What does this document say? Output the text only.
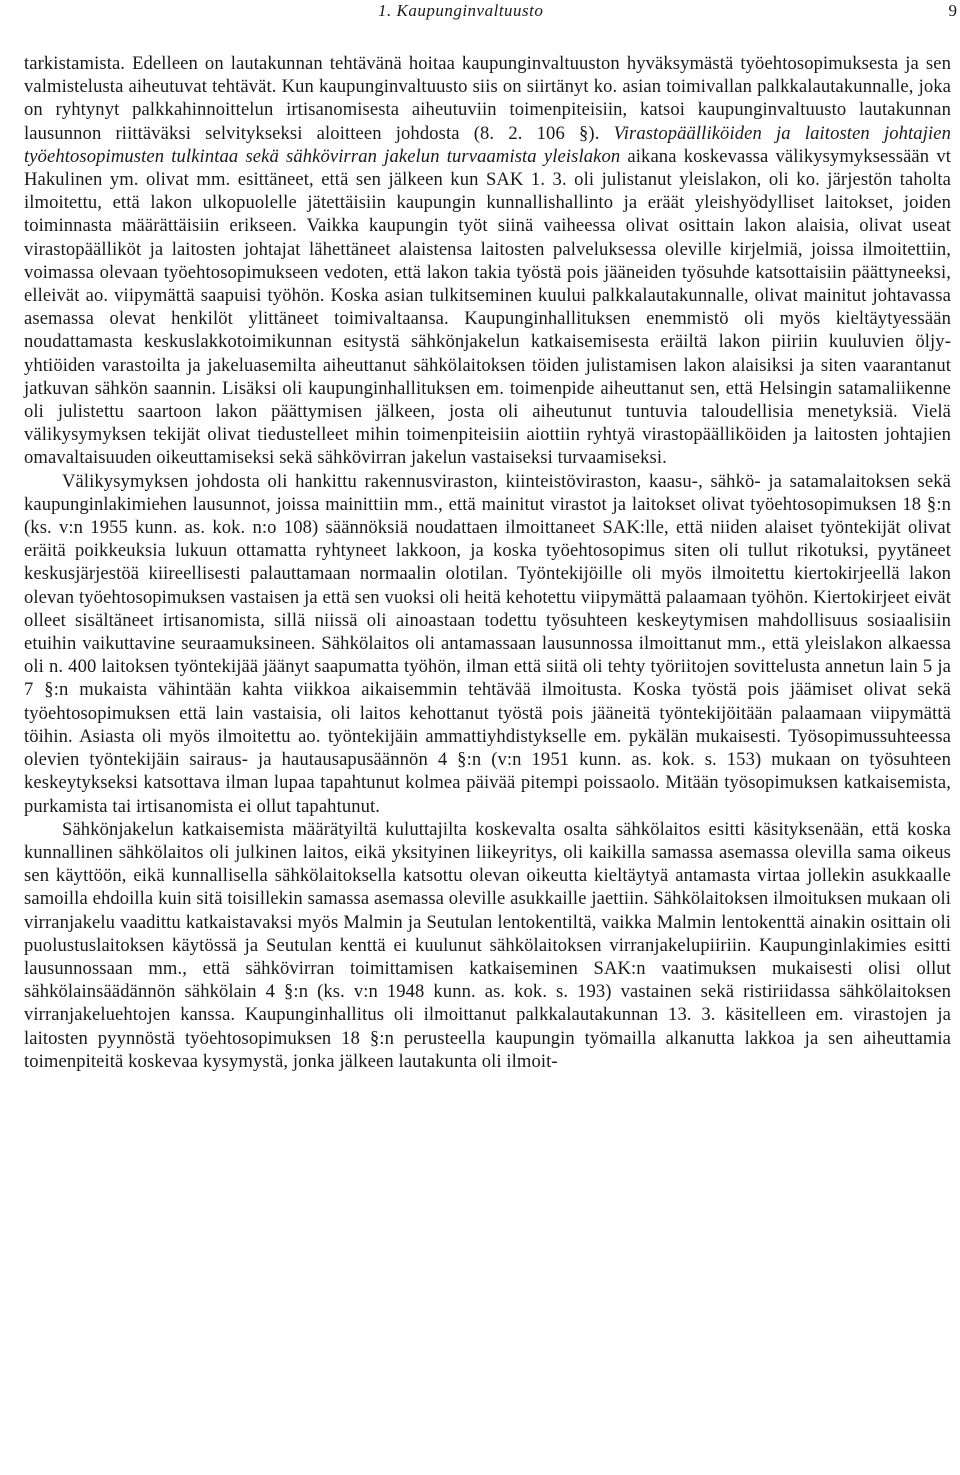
1. Kaupunginvaltuusto	9

tarkistamista. Edelleen on lautakunnan tehtävänä hoitaa kaupunginvaltuuston hyväksymästä työehtosopimuksesta ja sen valmistelusta aiheutuvat tehtävät. Kun kaupunginvaltuusto siis on siirtänyt ko. asian toimivallan palkkalautakunnalle, joka on ryhtynyt palkkahinnoittelun irtisanomisesta aiheutuviin toimenpiteisiin, katsoi kaupunginvaltuusto lautakunnan lausunnon riittäväksi selvitykseksi aloitteen johdosta (8. 2. 106 §). Virastopäälliköiden ja laitosten johtajien työehtosopimusten tulkintaa sekä sähkövirran jakelun turvaamista yleislakon aikana koskevassa välikysymyksessään vt Hakulinen ym. olivat mm. esittäneet, että sen jälkeen kun SAK 1. 3. oli julistanut yleislakon, oli ko. järjestön taholta ilmoitettu, että lakon ulkopuolelle jätettäisiin kaupungin kunnallishallinto ja eräät yleishyödylliset laitokset, joiden toiminnasta määrättäisiin erikseen. Vaikka kaupungin työt siinä vaiheessa olivat osittain lakon alaisia, olivat useat virastopäälliköt ja laitosten johtajat lähettäneet alaistensa laitosten palveluksessa oleville kirjelmiä, joissa ilmoitettiin, voimassa olevaan työehtosopimukseen vedoten, että lakon takia työstä pois jääneiden työsuhde katsottaisiin päättyneeksi, elleivät ao. viipymättä saapuisi työhön. Koska asian tulkitseminen kuului palkkalautakunnalle, olivat mainitut johtavassa asemassa olevat henkilöt ylittäneet toimivaltaansa. Kaupunginhallituksen enemmistö oli myös kieltäytyessään noudattamasta keskuslakkotoimikunnan esitystä sähkönjakelun katkaisemisesta eräiltä lakon piiriin kuuluvien öljy-yhtiöiden varastoilta ja jakeluasemilta aiheuttanut sähkölaitoksen töiden julistamisen lakon alaisiksi ja siten vaarantanut jatkuvan sähkön saannin. Lisäksi oli kaupunginhallituksen em. toimenpide aiheuttanut sen, että Helsingin satamaliikenne oli julistettu saartoon lakon päättymisen jälkeen, josta oli aiheutunut tuntuvia taloudellisia menetyksiä. Vielä välikysymyksen tekijät olivat tiedustelleet mihin toimenpiteisiin aiottiin ryhtyä virastopäälliköiden ja laitosten johtajien omavaltaisuuden oikeuttamiseksi sekä sähkövirran jakelun vastaiseksi turvaamiseksi.

Välikysymyksen johdosta oli hankittu rakennusviraston, kiinteistöviraston, kaasu-, sähkö- ja satamalaitoksen sekä kaupunginlakimiehen lausunnot, joissa mainittiin mm., että mainitut virastot ja laitokset olivat työehtosopimuksen 18 §:n (ks. v:n 1955 kunn. as. kok. n:o 108) säännöksiä noudattaen ilmoittaneet SAK:lle, että niiden alaiset työntekijät olivat eräitä poikkeuksia lukuun ottamatta ryhtyneet lakkoon, ja koska työehtosopimus siten oli tullut rikotuksi, pyytäneet keskusjärjestöä kiireellisesti palauttamaan normaalin olotilan. Työntekijöille oli myös ilmoitettu kiertokirjeellä lakon olevan työehtosopimuksen vastaisen ja että sen vuoksi oli heitä kehotettu viipymättä palaamaan työhön. Kiertokirjeet eivät olleet sisältäneet irtisanomista, sillä niissä oli ainoastaan todettu työsuhteen keskeytymisen mahdollisuus sosiaalisiin etuihin vaikuttavine seuraamuksineen. Sähkölaitos oli antamassaan lausunnossa ilmoittanut mm., että yleislakon alkaessa oli n. 400 laitoksen työntekijää jäänyt saapumatta työhön, ilman että siitä oli tehty työriitojen sovittelusta annetun lain 5 ja 7 §:n mukaista vähintään kahta viikkoa aikaisemmin tehtävää ilmoitusta. Koska työstä pois jäämiset olivat sekä työehtosopimuksen että lain vastaisia, oli laitos kehottanut työstä pois jääneitä työntekijöitään palaamaan viipymättä töihin. Asiasta oli myös ilmoitettu ao. työntekijäin ammattiyhdistykselle em. pykälän mukaisesti. Työsopimussuhteessa olevien työntekijäin sairaus- ja hautausapusäännön 4 §:n (v:n 1951 kunn. as. kok. s. 153) mukaan on työsuhteen keskeytykseksi katsottava ilman lupaa tapahtunut kolmea päivää pitempi poissaolo. Mitään työsopimuksen katkaisemista, purkamista tai irtisanomista ei ollut tapahtunut.

Sähkönjakelun katkaisemista määrätyiltä kuluttajilta koskevalta osalta sähkölaitos esitti käsityksenään, että koska kunnallinen sähkölaitos oli julkinen laitos, eikä yksityinen liikeyritys, oli kaikilla samassa asemassa olevilla sama oikeus sen käyttöön, eikä kunnallisella sähkölaitoksella katsottu olevan oikeutta kieltäytyä antamasta virtaa jollekin asukkaalle samoilla ehdoilla kuin sitä toisillekin samassa asemassa oleville asukkaille jaettiin. Sähkölaitoksen ilmoituksen mukaan oli virranjakelu vaadittu katkaistavaksi myös Malmin ja Seutulan lentokentiltä, vaikka Malmin lentokenttä ainakin osittain oli puolustuslaitoksen käytössä ja Seutulan kenttä ei kuulunut sähkölaitoksen virranjakelupiiriin. Kaupunginlakimies esitti lausunnossaan mm., että sähkövirran toimittamisen katkaiseminen SAK:n vaatimuksen mukaisesti olisi ollut sähkölainsäädännön sähkölain 4 §:n (ks. v:n 1948 kunn. as. kok. s. 193) vastainen sekä ristiriidassa sähkölaitoksen virranjakeluehtojen kanssa. Kaupunginhallitus oli ilmoittanut palkkalautakunnan 13. 3. käsitelleen em. virastojen ja laitosten pyynnöstä työehtosopimuksen 18 §:n perusteella kaupungin työmailla alkanutta lakkoa ja sen aiheuttamia toimenpiteitä koskevaa kysymystä, jonka jälkeen lautakunta oli ilmoit-
